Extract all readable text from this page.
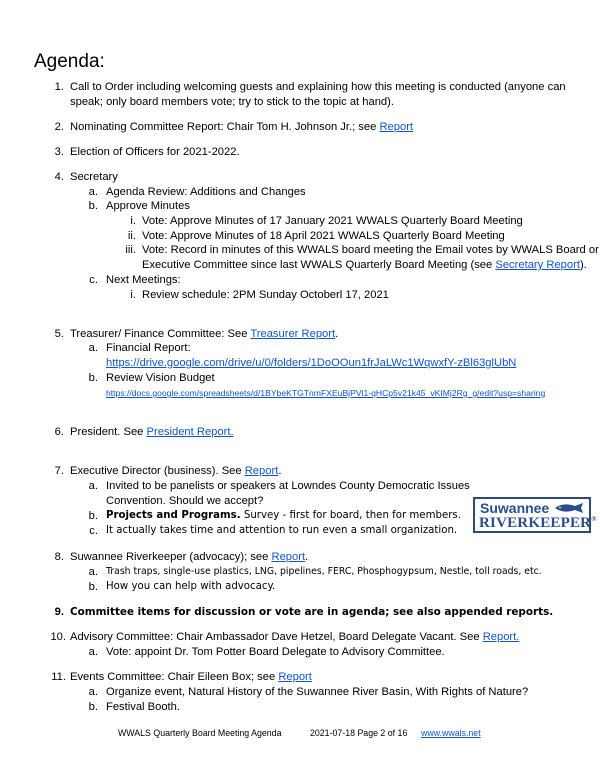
Agenda:
1. Call to Order including welcoming guests and explaining how this meeting is conducted (anyone can
speak; only board members vote; try to stick to the topic at hand).
2. Nominating Committee Report: Chair Tom H. Johnson Jr.; see Report
3. Election of Officers for 2021-2022.
4. Secretary
a. Agenda Review: Additions and Changes
b. Approve Minutes
i. Vote: Approve Minutes of 17 January 2021 WWALS Quarterly Board Meeting
ii. Vote: Approve Minutes of 18 April 2021 WWALS Quarterly Board Meeting
iii. Vote: Record in minutes of this WWALS board meeting the Email votes by WWALS Board or
Executive Committee since last WWALS Quarterly Board Meeting (see Secretary Report).
c. Next Meetings:
i. Review schedule: 2PM Sunday Octoberl 17, 2021
5. Treasurer/ Finance Committee: See Treasurer Report.
a. Financial Report:
https://drive.google.com/drive/u/0/folders/1DoOOun1frJaLWc1WqwxfY-zBl63glUbN
b. Review Vision Budget
https://docs.google.com/spreadsheets/d/1BYbeKTGTnmFXEuBjPVl1-qHCp5v21k45_vKIMj2Rg_g/edit?usp=sharing
6. President. See President Report.
7. Executive Director (business). See Report.
a. Invited to be panelists or speakers at Lowndes County Democratic Issues
Convention. Should we accept?
b. Projects and Programs. Survey - first for board, then for members.
c. It actually takes time and attention to run even a small organization.
Suwannee
RIVERKEEPER®
8. Suwannee Riverkeeper (advocacy); see Report.
a. Trash traps, single-use plastics, LNG, pipelines, FERC, Phosphogypsum, Nestle, toll roads, etc.
b. How you can help with advocacy.
9. Committee items for discussion or vote are in agenda; see also appended reports.
10. Advisory Committee: Chair Ambassador Dave Hetzel, Board Delegate Vacant. See Report.
a. Vote: appoint Dr. Tom Potter Board Delegate to Advisory Committee.
11. Events Committee: Chair Eileen Box; see Report
a. Organize event, Natural History of the Suwannee River Basin, With Rights of Nature?
b. Festival Booth.
WWALS Quarterly Board Meeting Agenda	2021-07-18 Page 2 of 16 www.wwals.net
